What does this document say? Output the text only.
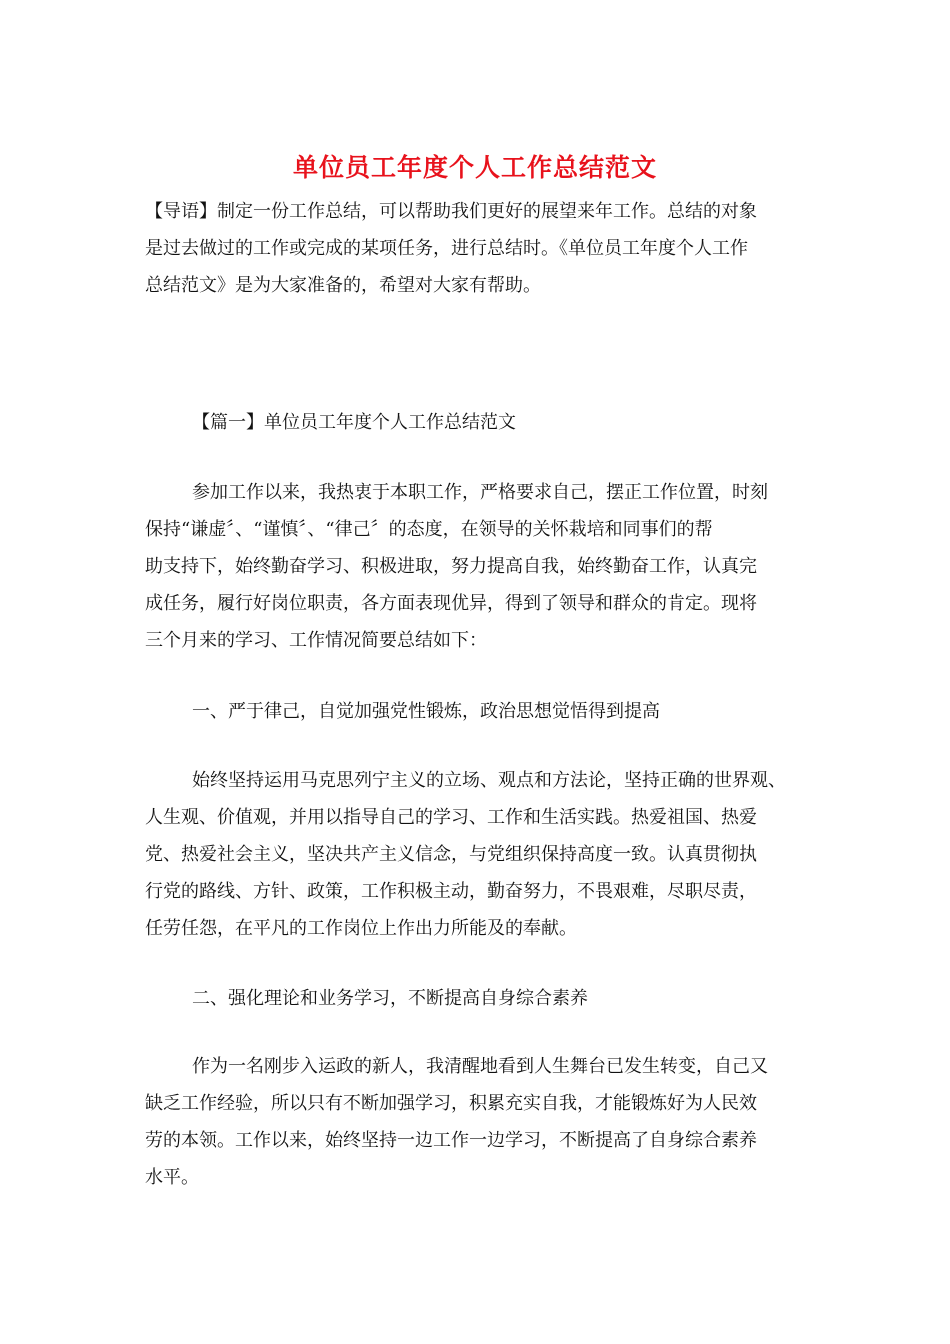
单位员工年度个人工作总结范文

【导语】制定一份工作总结，可以帮助我们更好的展望来年工作。总结的对象
是过去做过的工作或完成的某项任务，进行总结时。《单位员工年度个人工作
总结范文》是为大家准备的，希望对大家有帮助。

【篇一】单位员工年度个人工作总结范文

参加工作以来，我热衷于本职工作，严格要求自己，摆正工作位置，时刻
保持“谦虚〞、“谨慎〞、“律己〞的态度，在领导的关怀栽培和同事们的帮
助支持下，始终勤奋学习、积极进取，努力提高自我，始终勤奋工作，认真完
成任务，履行好岗位职责，各方面表现优异，得到了领导和群众的肯定。现将
三个月来的学习、工作情况简要总结如下：

一、严于律己，自觉加强党性锻炼，政治思想觉悟得到提高

始终坚持运用马克思列宁主义的立场、观点和方法论，坚持正确的世界观、
人生观、价值观，并用以指导自己的学习、工作和生活实践。热爱祖国、热爱
党、热爱社会主义，坚决共产主义信念，与党组织保持高度一致。认真贯彻执
行党的路线、方针、政策，工作积极主动，勤奋努力，不畏艰难，尽职尽责，
任劳任怨，在平凡的工作岗位上作出力所能及的奉献。

二、强化理论和业务学习，不断提高自身综合素养

作为一名刚步入运政的新人，我清醒地看到人生舞台已发生转变，自己又
缺乏工作经验，所以只有不断加强学习，积累充实自我，才能锻炼好为人民效
劳的本领。工作以来，始终坚持一边工作一边学习，不断提高了自身综合素养
水平。
